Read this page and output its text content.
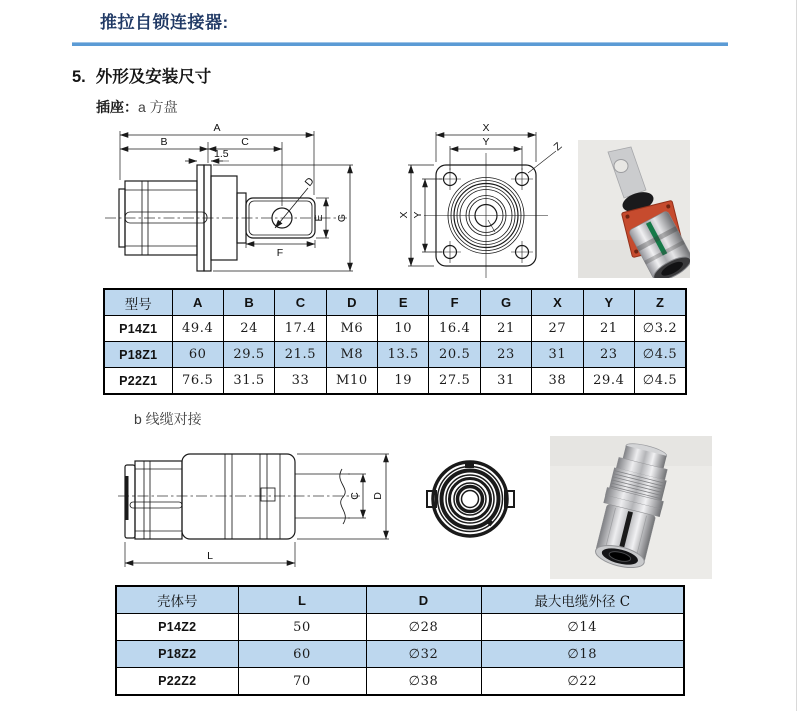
推拉自锁连接器:
5. 外形及安装尺寸
插座：a 方盘
A
B	C
1.5
D
E G
F
X
Y
X Y
Z
型号	A	B	C	D	E	F	G	X	Y	Z
P14Z1	49.4	24	17.4	M6	10	16.4	21	27	21	∅3.2
P18Z1	60	29.5	21.5	M8	13.5	20.5	23	31	23	∅4.5
P22Z1	76.5	31.5	33	M10	19	27.5	31	38	29.4	∅4.5
b 线缆对接
L
C D
壳体号	L	D	最大电缆外径 C
P14Z2	50	∅28	∅14
P18Z2	60	∅32	∅18
P22Z2	70	∅38	∅22
